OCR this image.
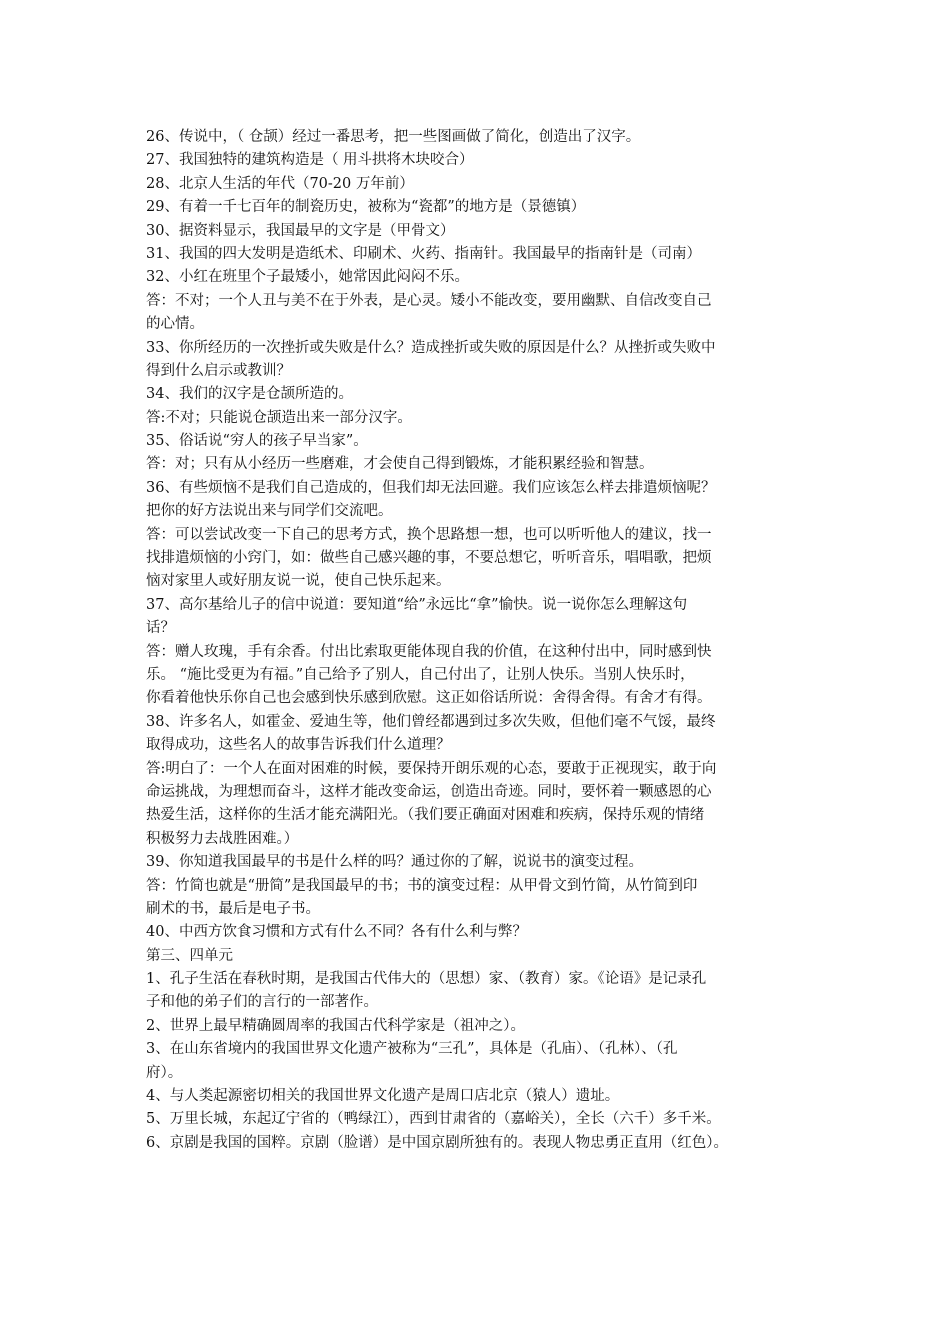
26、传说中，（ 仓颉）经过一番思考，把一些图画做了简化，创造出了汉字。
27、我国独特的建筑构造是（ 用斗拱将木块咬合）
28、北京人生活的年代（70-20 万年前）
29、有着一千七百年的制瓷历史，被称为“瓷都”的地方是（景德镇）
30、据资料显示，我国最早的文字是（甲骨文）
31、我国的四大发明是造纸术、印刷术、火药、指南针。我国最早的指南针是（司南）
32、小红在班里个子最矮小，她常因此闷闷不乐。
答：不对；一个人丑与美不在于外表，是心灵。矮小不能改变，要用幽默、自信改变自己
的心情。
33、你所经历的一次挫折或失败是什么？造成挫折或失败的原因是什么？从挫折或失败中
得到什么启示或教训？
34、我们的汉字是仓颉所造的。
答:不对；只能说仓颉造出来一部分汉字。
35、俗话说“穷人的孩子早当家”。
答：对；只有从小经历一些磨难，才会使自己得到锻炼，才能积累经验和智慧。
36、有些烦恼不是我们自己造成的，但我们却无法回避。我们应该怎么样去排遣烦恼呢？
把你的好方法说出来与同学们交流吧。
答：可以尝试改变一下自己的思考方式，换个思路想一想，也可以听听他人的建议，找一
找排遣烦恼的小窍门，如：做些自己感兴趣的事，不要总想它，听听音乐，唱唱歌，把烦
恼对家里人或好朋友说一说，使自己快乐起来。
37、高尔基给儿子的信中说道：要知道“给”永远比“拿”愉快。说一说你怎么理解这句
话？
答：赠人玫瑰，手有余香。付出比索取更能体现自我的价值，在这种付出中，同时感到快
乐。 “施比受更为有福。”自己给予了别人，自己付出了，让别人快乐。当别人快乐时，
你看着他快乐你自己也会感到快乐感到欣慰。这正如俗话所说：舍得舍得。有舍才有得。
38、许多名人，如霍金、爱迪生等，他们曾经都遇到过多次失败，但他们毫不气馁，最终
取得成功，这些名人的故事告诉我们什么道理？
答:明白了：一个人在面对困难的时候，要保持开朗乐观的心态，要敢于正视现实，敢于向
命运挑战，为理想而奋斗，这样才能改变命运，创造出奇迹。同时，要怀着一颗感恩的心
热爱生活，这样你的生活才能充满阳光。（我们要正确面对困难和疾病，保持乐观的情绪
积极努力去战胜困难。）
39、你知道我国最早的书是什么样的吗？通过你的了解，说说书的演变过程。
答：竹简也就是“册简”是我国最早的书；书的演变过程：从甲骨文到竹简，从竹简到印
刷术的书，最后是电子书。
40、中西方饮食习惯和方式有什么不同？各有什么利与弊？
第三、四单元
1、孔子生活在春秋时期，是我国古代伟大的（思想）家、（教育）家。《论语》是记录孔
子和他的弟子们的言行的一部著作。
2、世界上最早精确圆周率的我国古代科学家是（祖冲之）。
3、在山东省境内的我国世界文化遗产被称为“三孔”，具体是（孔庙）、（孔林）、（孔
府）。
4、与人类起源密切相关的我国世界文化遗产是周口店北京（猿人）遗址。
5、万里长城，东起辽宁省的（鸭绿江），西到甘肃省的（嘉峪关），全长（六千）多千米。
6、京剧是我国的国粹。京剧（脸谱）是中国京剧所独有的。表现人物忠勇正直用（红色）。
